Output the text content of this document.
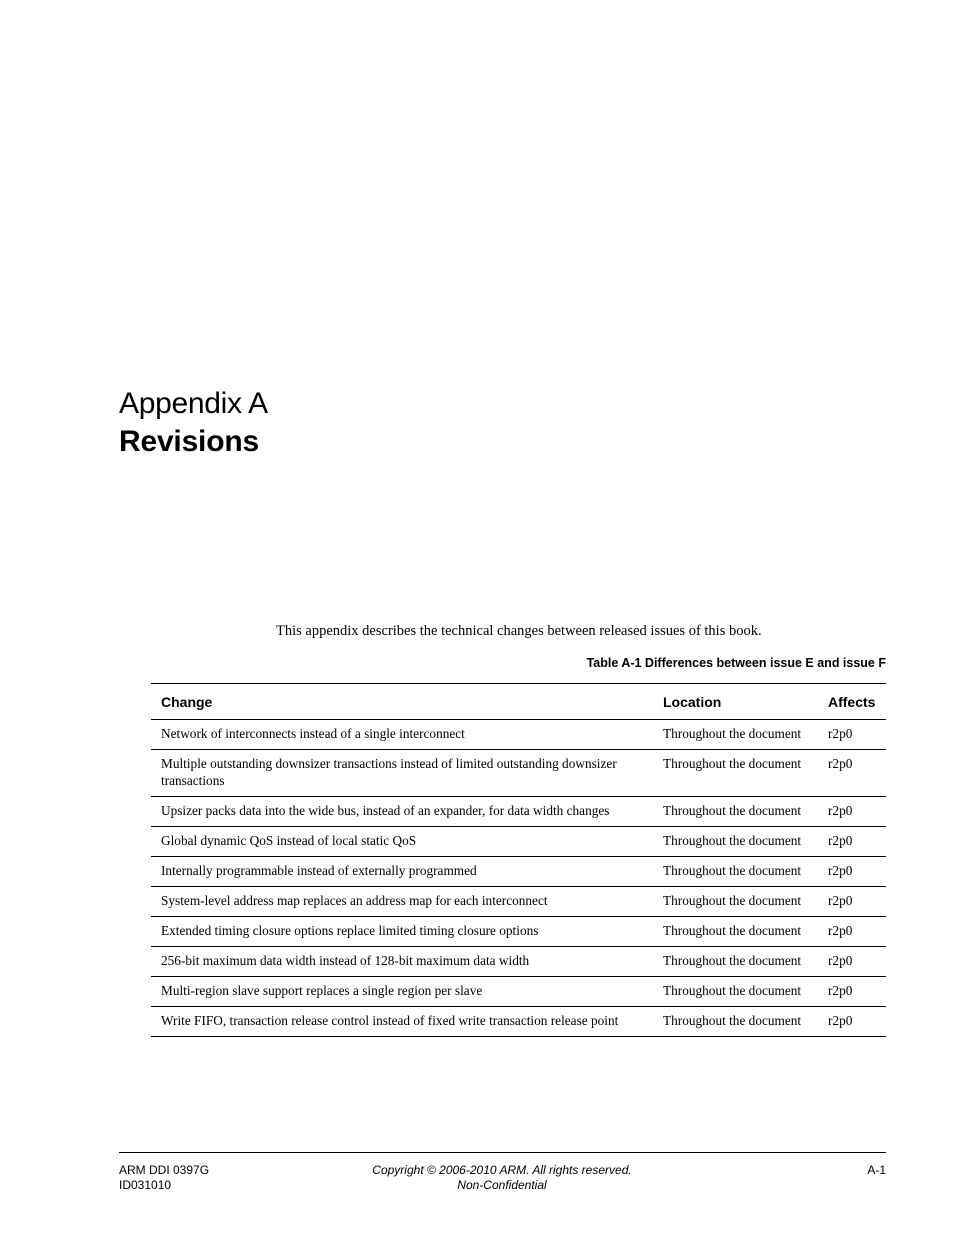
Appendix A
Revisions

This appendix describes the technical changes between released issues of this book.

Table A-1 Differences between issue E and issue F

Change	Location	Affects
Network of interconnects instead of a single interconnect	Throughout the document	r2p0
Multiple outstanding downsizer transactions instead of limited outstanding downsizer transactions	Throughout the document	r2p0
Upsizer packs data into the wide bus, instead of an expander, for data width changes	Throughout the document	r2p0
Global dynamic QoS instead of local static QoS	Throughout the document	r2p0
Internally programmable instead of externally programmed	Throughout the document	r2p0
System-level address map replaces an address map for each interconnect	Throughout the document	r2p0
Extended timing closure options replace limited timing closure options	Throughout the document	r2p0
256-bit maximum data width instead of 128-bit maximum data width	Throughout the document	r2p0
Multi-region slave support replaces a single region per slave	Throughout the document	r2p0
Write FIFO, transaction release control instead of fixed write transaction release point	Throughout the document	r2p0
ARM DDI 0397G
ID031010
Copyright © 2006-2010 ARM. All rights reserved.
Non-Confidential
A-1
